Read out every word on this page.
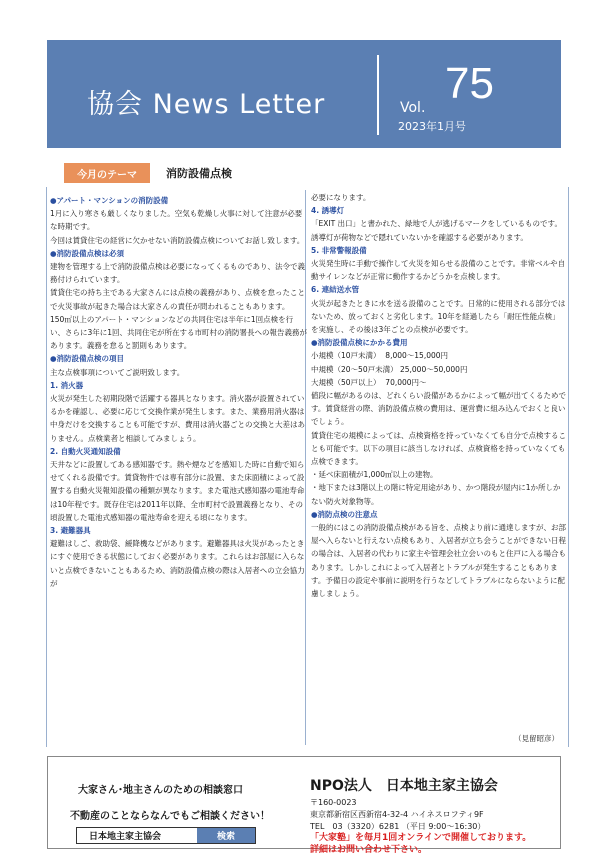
協会 News Letter	Vol. 75
2023年1月号
今月のテーマ	消防設備点検

●アパート・マンションの消防設備

1月に入り寒さも厳しくなりました。空気も乾燥し火事に対して注意が必要な時期です。

今回は賃貸住宅の経営に欠かせない消防設備点検についてお話し致します。

●消防設備点検は必須

建物を管理する上で消防設備点検は必要になってくるものであり、法令で義務付けられています。

賃貸住宅の持ち主である大家さんには点検の義務があり、点検を怠ったことで火災事故が起きた場合は大家さんの責任が問われることもあります。

150㎡以上のアパート・マンションなどの共同住宅は半年に1回点検を行い、さらに3年に1回、共同住宅が所在する市町村の消防署長への報告義務があります。義務を怠ると罰則もあります。

●消防設備点検の項目

主な点検事項についてご説明致します。

1. 消火器

火災が発生した初期段階で活躍する器具となります。消火器が設置されているかを確認し、必要に応じて交換作業が発生します。また、業務用消火器は中身だけを交換することも可能ですが、費用は消火器ごとの交換と大差はありません。点検業者と相談してみましょう。

2. 自動火災通知設備

天井などに設置してある感知器です。熱や煙などを感知した時に自動で知らせてくれる設備です。賃貸物件では専有部分に設置、また床面積によって設置する自動火災報知設備の種類が異なります。また電池式感知器の電池寿命は10年程です。既存住宅は2011年以降、全市町村で設置義務となり、その頃設置した電池式感知器の電池寿命を迎える頃になります。

3. 避難器具

避難はしご、救助袋、緩降機などがあります。避難器具は火災があったときにすぐ使用できる状態にしておく必要があります。これらはお部屋に入らないと点検できないこともあるため、消防設備点検の際は入居者への立会協力が

必要になります。

4. 誘導灯

「EXIT 出口」と書かれた、緑地で人が逃げるマークをしているものです。誘導灯が荷物などで隠れていないかを確認する必要があります。

5. 非常警報設備

火災発生時に手動で操作して火災を知らせる設備のことです。非常ベルや自動サイレンなどが正常に動作するかどうかを点検します。

6. 連結送水管

火災が起きたときに水を送る設備のことです。日常的に使用される部分ではないため、放っておくと劣化します。10年を経過したら「耐圧性能点検」を実施し、その後は3年ごとの点検が必要です。

●消防設備点検にかかる費用

小規模（10戸未満）  8,000～15,000円

中規模（20～50戸未満） 25,000～50,000円

大規模（50戸以上）  70,000円～

値段に幅があるのは、どれくらい設備があるかによって幅が出てくるためです。賃貸経営の際、消防設備点検の費用は、運営費に組み込んでおくと良いでしょう。

賃貸住宅の規模によっては、点検資格を持っていなくても自分で点検することも可能です。以下の項目に該当しなければ、点検資格を持っていなくても点検できます。

・延べ床面積が1,000㎡以上の建物。

・地下または3階以上の階に特定用途があり、かつ階段が屋内に1か所しかない防火対象物等。

●消防点検の注意点

一般的にはこの消防設備点検がある旨を、点検より前に通達しますが、お部屋へ入らないと行えない点検もあり、入居者が立ち会うことができない日程の場合は、入居者の代わりに家主や管理会社立会いのもと住戸に入る場合もあります。しかしこれによって入居者とトラブルが発生することもあります。予備日の設定や事前に説明を行うなどしてトラブルにならないように配慮しましょう。

（見留昭彦）
大家さん･地主さんのための相談窓口
不動産のことならなんでもご相談ください！
日本地主家主協会	検索
NPO法人　日本地主家主協会
〒160-0023
東京都新宿区西新宿4-32-4 ハイネスロフティ9F
TEL　03（3320）6281 （平日 9:00～16:30）
「大家塾」を毎月1回オンラインで開催しております。
詳細はお問い合わせ下さい。
